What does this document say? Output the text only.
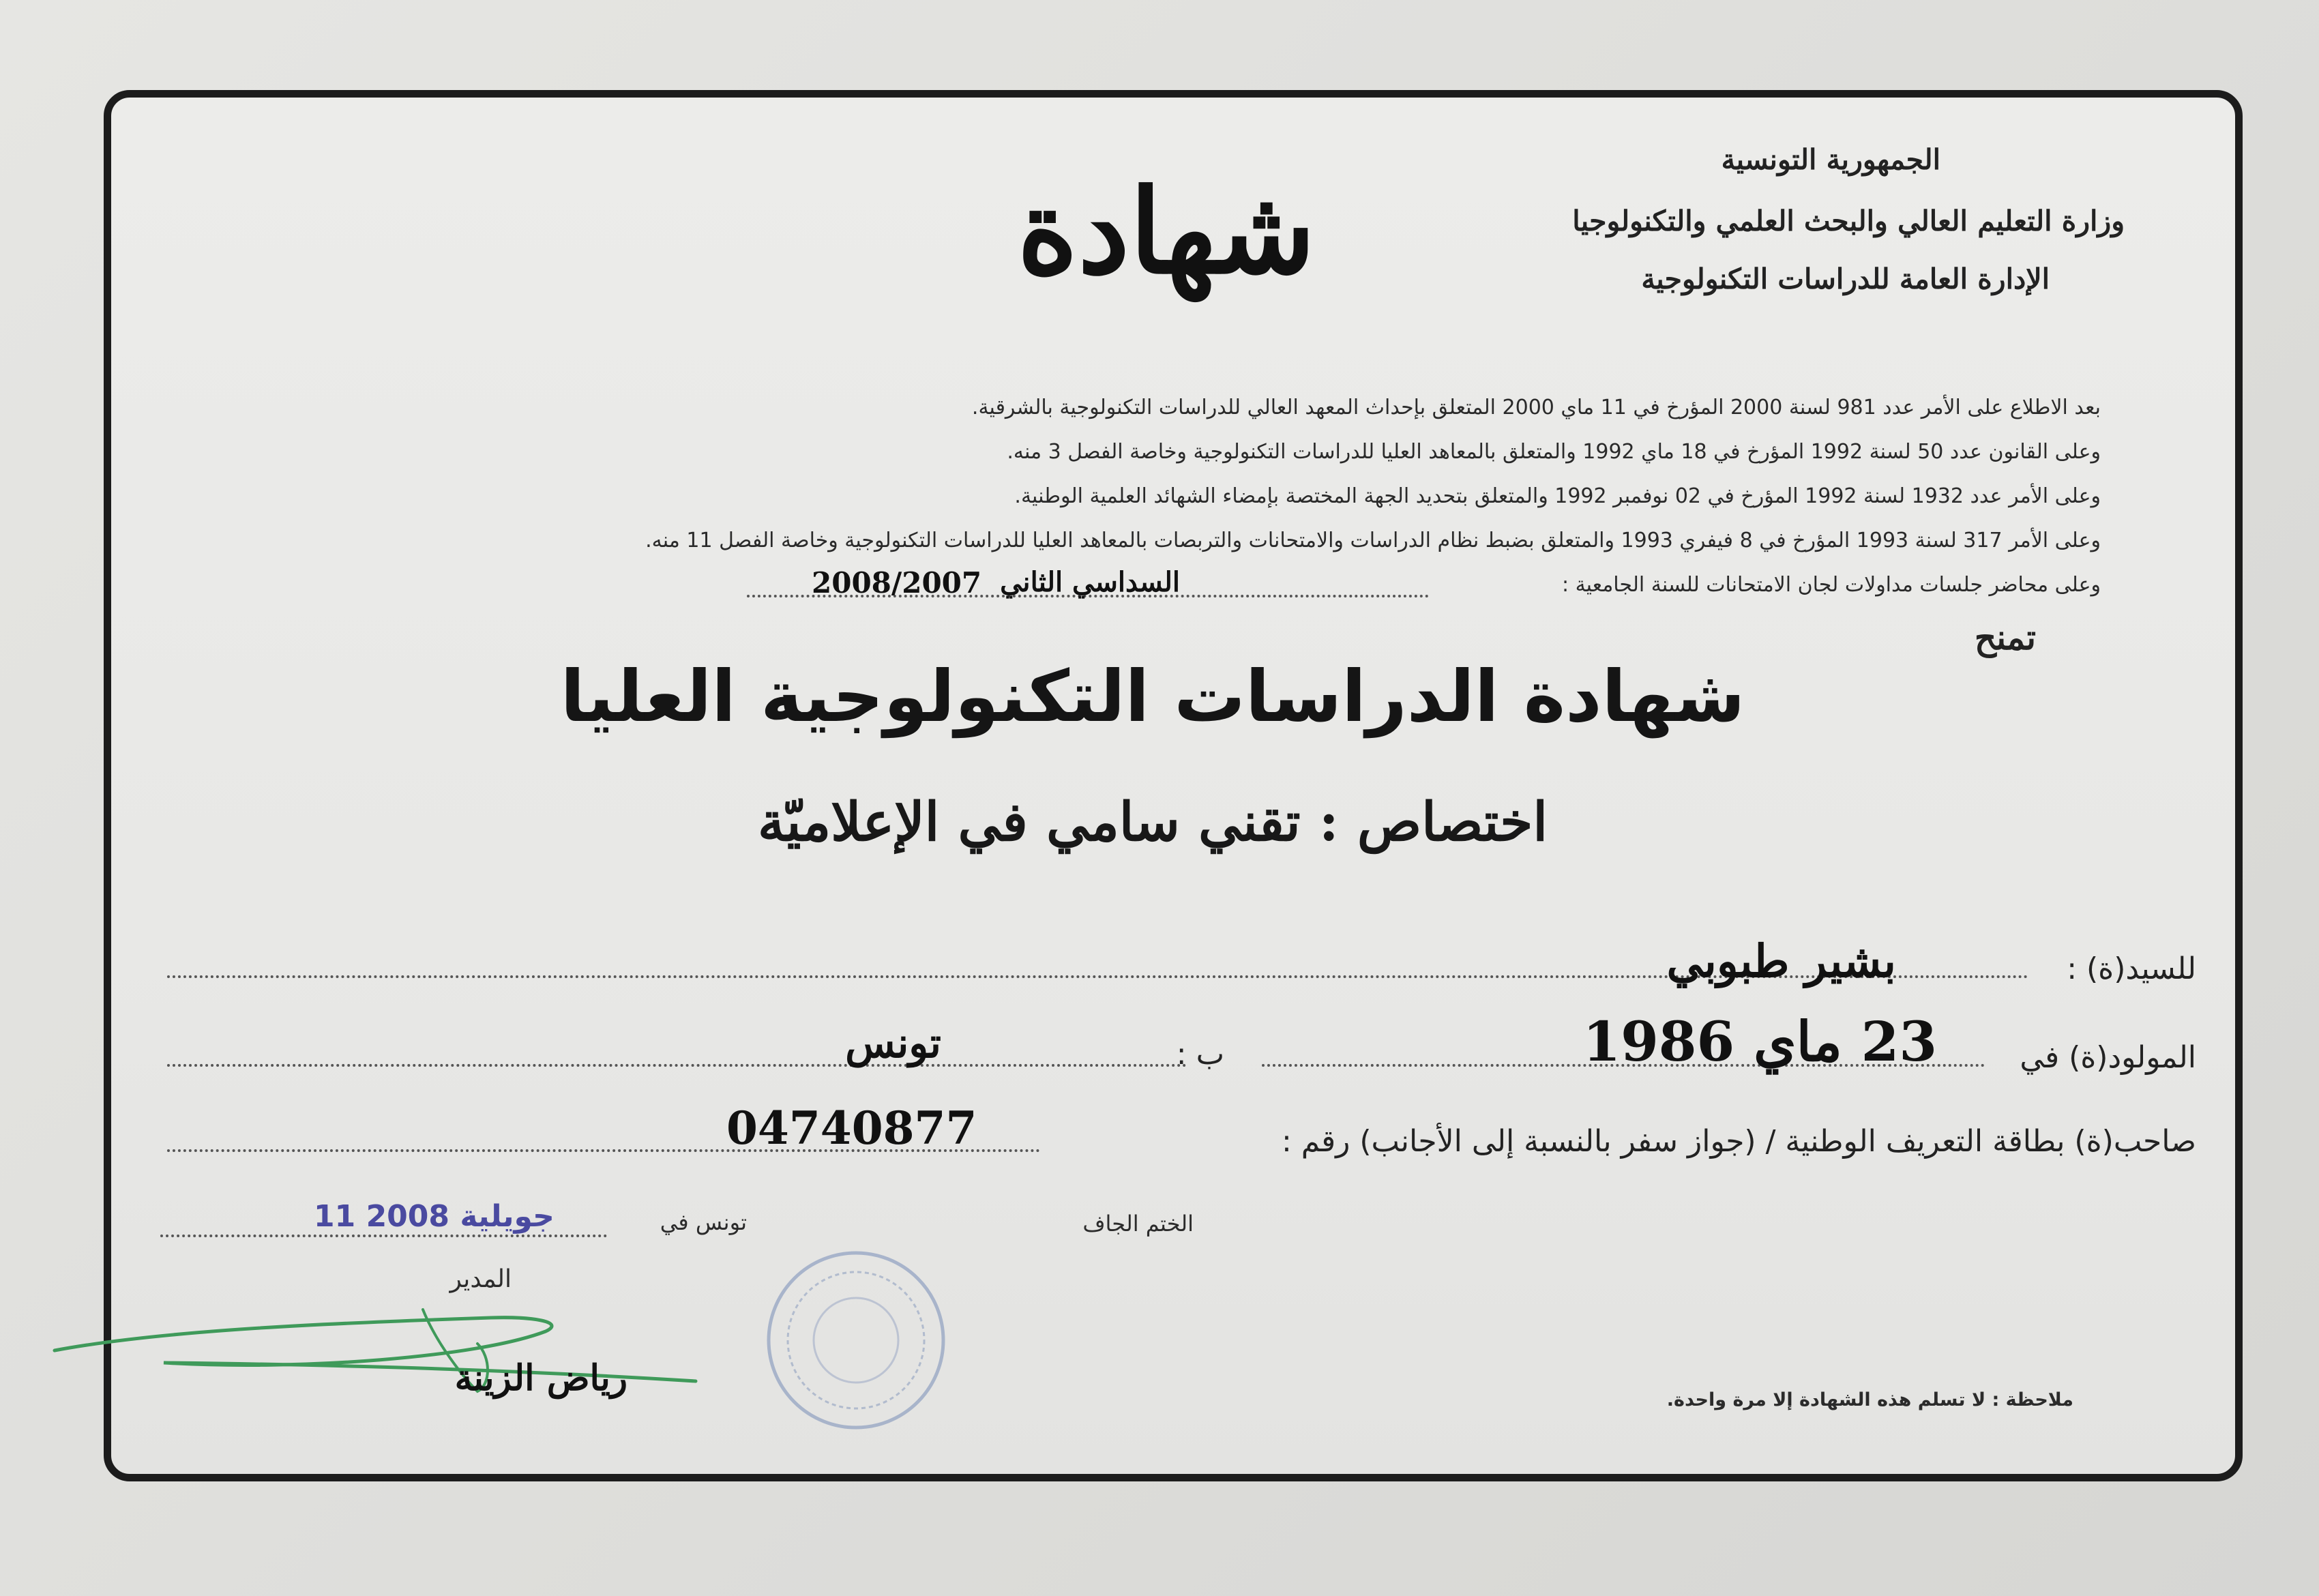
الجمهورية التونسية
وزارة التعليم العالي والبحث العلمي والتكنولوجيا
الإدارة العامة للدراسات التكنولوجية
شهادة
بعد الاطلاع على الأمر عدد 981 لسنة 2000 المؤرخ في 11 ماي 2000 المتعلق بإحداث المعهد العالي للدراسات التكنولوجية بالشرقية.
وعلى القانون عدد 50 لسنة 1992 المؤرخ في 18 ماي 1992 والمتعلق بالمعاهد العليا للدراسات التكنولوجية وخاصة الفصل 3 منه.
وعلى الأمر عدد 1932 لسنة 1992 المؤرخ في 02 نوفمبر 1992 والمتعلق بتحديد الجهة المختصة بإمضاء الشهائد العلمية الوطنية.
وعلى الأمر 317 لسنة 1993 المؤرخ في 8 فيفري 1993 والمتعلق بضبط نظام الدراسات والامتحانات والتربصات بالمعاهد العليا للدراسات التكنولوجية وخاصة الفصل 11 منه.
وعلى محاضر جلسات مداولات لجان الامتحانات للسنة الجامعية :
السداسي الثاني
2008/2007
تمنح
شهادة الدراسات التكنولوجية العليا
اختصاص : تقني سامي في الإعلاميّة
للسيد(ة) :
بشير طبوبي
المولود(ة) في
23 ماي 1986
ب :
تونس
صاحب(ة) بطاقة التعريف الوطنية / (جواز سفر بالنسبة إلى الأجانب) رقم :
04740877
تونس في
11 جويلية 2008	الختم الجاف
المدير
رياض الزينة
ملاحظة : لا تسلم هذه الشهادة إلا مرة واحدة.
